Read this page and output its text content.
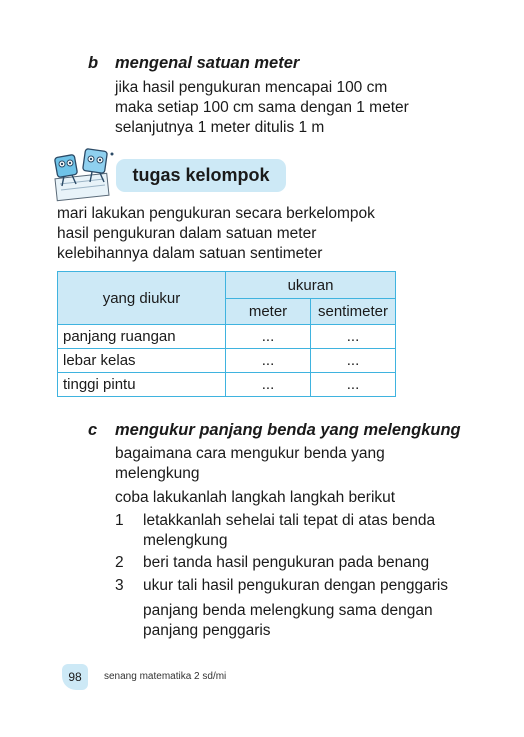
b mengenal satuan meter
jika hasil pengukuran mencapai 100 cm
maka setiap 100 cm sama dengan 1 meter
selanjutnya 1 meter ditulis 1 m
tugas kelompok
mari lakukan pengukuran secara berkelompok
hasil pengukuran dalam satuan meter
kelebihannya dalam satuan sentimeter
yang diukur	ukuran	
	meter	sentimeter
panjang ruangan	...	...
lebar kelas	...	...
tinggi pintu	...	...
c mengukur panjang benda yang melengkung
bagaimana cara mengukur benda yang
melengkung
coba lakukanlah langkah langkah berikut
1 letakkanlah sehelai tali tepat di atas benda
melengkung
2 beri tanda hasil pengukuran pada benang
3 ukur tali hasil pengukuran dengan penggaris
panjang benda melengkung sama dengan
panjang penggaris
98	senang matematika 2 sd/mi
